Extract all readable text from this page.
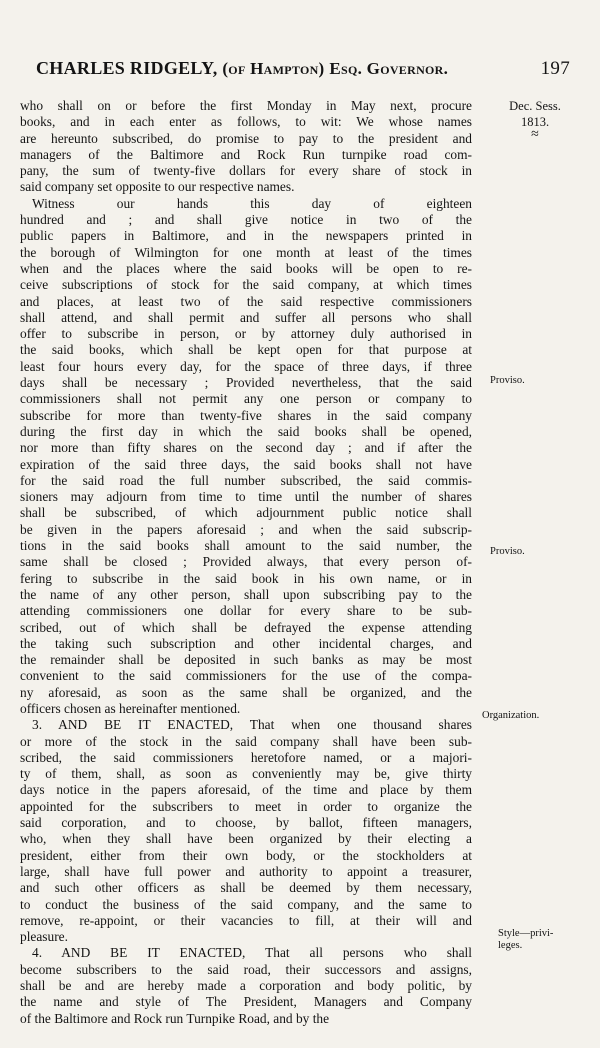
CHARLES RIDGELY, (of Hampton) Esq. Governor.	197
Dec. Sess.
1813.
≈
Proviso.
Proviso.
Organization.
Style—privi-
leges.

who shall on or before the first Monday in May next, procure

books, and in each enter as follows, to wit: We whose names

are hereunto subscribed, do promise to pay to the president and

managers of the Baltimore and Rock Run turnpike road com-

pany, the sum of twenty-five dollars for every share of stock in

said company set opposite to our respective names.

Witness our hands this day of eighteen

hundred and ; and shall give notice in two of the

public papers in Baltimore, and in the newspapers printed in

the borough of Wilmington for one month at least of the times

when and the places where the said books will be open to re-

ceive subscriptions of stock for the said company, at which times

and places, at least two of the said respective commissioners

shall attend, and shall permit and suffer all persons who shall

offer to subscribe in person, or by attorney duly authorised in

the said books, which shall be kept open for that purpose at

least four hours every day, for the space of three days, if three

days shall be necessary ; Provided nevertheless, that the said

commissioners shall not permit any one person or company to

subscribe for more than twenty-five shares in the said company

during the first day in which the said books shall be opened,

nor more than fifty shares on the second day ; and if after the

expiration of the said three days, the said books shall not have

for the said road the full number subscribed, the said commis-

sioners may adjourn from time to time until the number of shares

shall be subscribed, of which adjournment public notice shall

be given in the papers aforesaid ; and when the said subscrip-

tions in the said books shall amount to the said number, the

same shall be closed ; Provided always, that every person of-

fering to subscribe in the said book in his own name, or in

the name of any other person, shall upon subscribing pay to the

attending commissioners one dollar for every share to be sub-

scribed, out of which shall be defrayed the expense attending

the taking such subscription and other incidental charges, and

the remainder shall be deposited in such banks as may be most

convenient to the said commissioners for the use of the compa-

ny aforesaid, as soon as the same shall be organized, and the

officers chosen as hereinafter mentioned.

3. AND BE IT ENACTED, That when one thousand shares

or more of the stock in the said company shall have been sub-

scribed, the said commissioners heretofore named, or a majori-

ty of them, shall, as soon as conveniently may be, give thirty

days notice in the papers aforesaid, of the time and place by them

appointed for the subscribers to meet in order to organize the

said corporation, and to choose, by ballot, fifteen managers,

who, when they shall have been organized by their electing a

president, either from their own body, or the stockholders at

large, shall have full power and authority to appoint a treasurer,

and such other officers as shall be deemed by them necessary,

to conduct the business of the said company, and the same to

remove, re-appoint, or their vacancies to fill, at their will and

pleasure.

4. AND BE IT ENACTED, That all persons who shall

become subscribers to the said road, their successors and assigns,

shall be and are hereby made a corporation and body politic, by

the name and style of The President, Managers and Company

of the Baltimore and Rock run Turnpike Road, and by the
